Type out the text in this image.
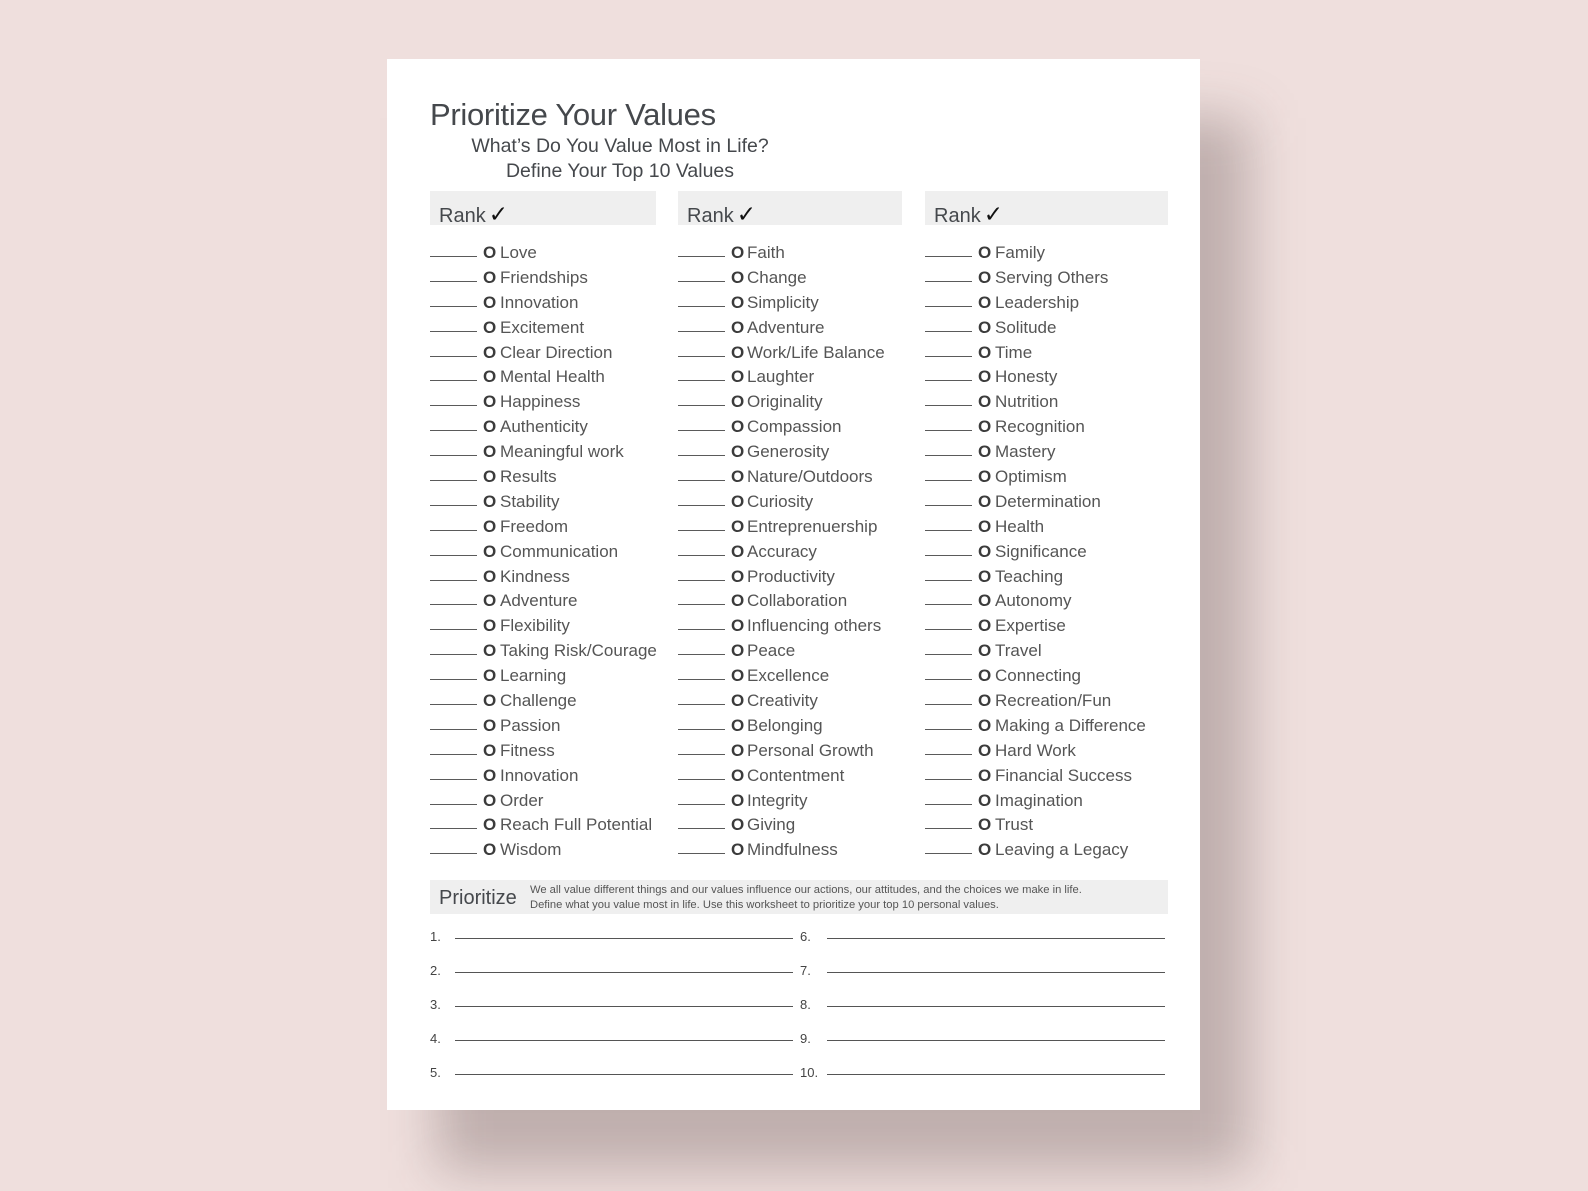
Prioritize Your Values
What’s Do You Value Most in Life?
Define Your Top 10 Values
Rank ✓
O Love
O Friendships
O Innovation
O Excitement
O Clear Direction
O Mental Health
O Happiness
O Authenticity
O Meaningful work
O Results
O Stability
O Freedom
O Communication
O Kindness
O Adventure
O Flexibility
O Taking Risk/Courage
O Learning
O Challenge
O Passion
O Fitness
O Innovation
O Order
O Reach Full Potential
O Wisdom
Rank ✓
O Faith
O Change
O Simplicity
O Adventure
O Work/Life Balance
O Laughter
O Originality
O Compassion
O Generosity
O Nature/Outdoors
O Curiosity
O Entreprenuership
O Accuracy
O Productivity
O Collaboration
O Influencing others
O Peace
O Excellence
O Creativity
O Belonging
O Personal Growth
O Contentment
O Integrity
O Giving
O Mindfulness
Rank ✓
O Family
O Serving Others
O Leadership
O Solitude
O Time
O Honesty
O Nutrition
O Recognition
O Mastery
O Optimism
O Determination
O Health
O Significance
O Teaching
O Autonomy
O Expertise
O Travel
O Connecting
O Recreation/Fun
O Making a Difference
O Hard Work
O Financial Success
O Imagination
O Trust
O Leaving a Legacy
Prioritize We all value different things and our values influence our actions, our attitudes, and the choices we make in life.
Define what you value most in life. Use this worksheet to prioritize your top 10 personal values.
1.
2.
3.
4.
5.
6.
7.
8.
9.
10.
